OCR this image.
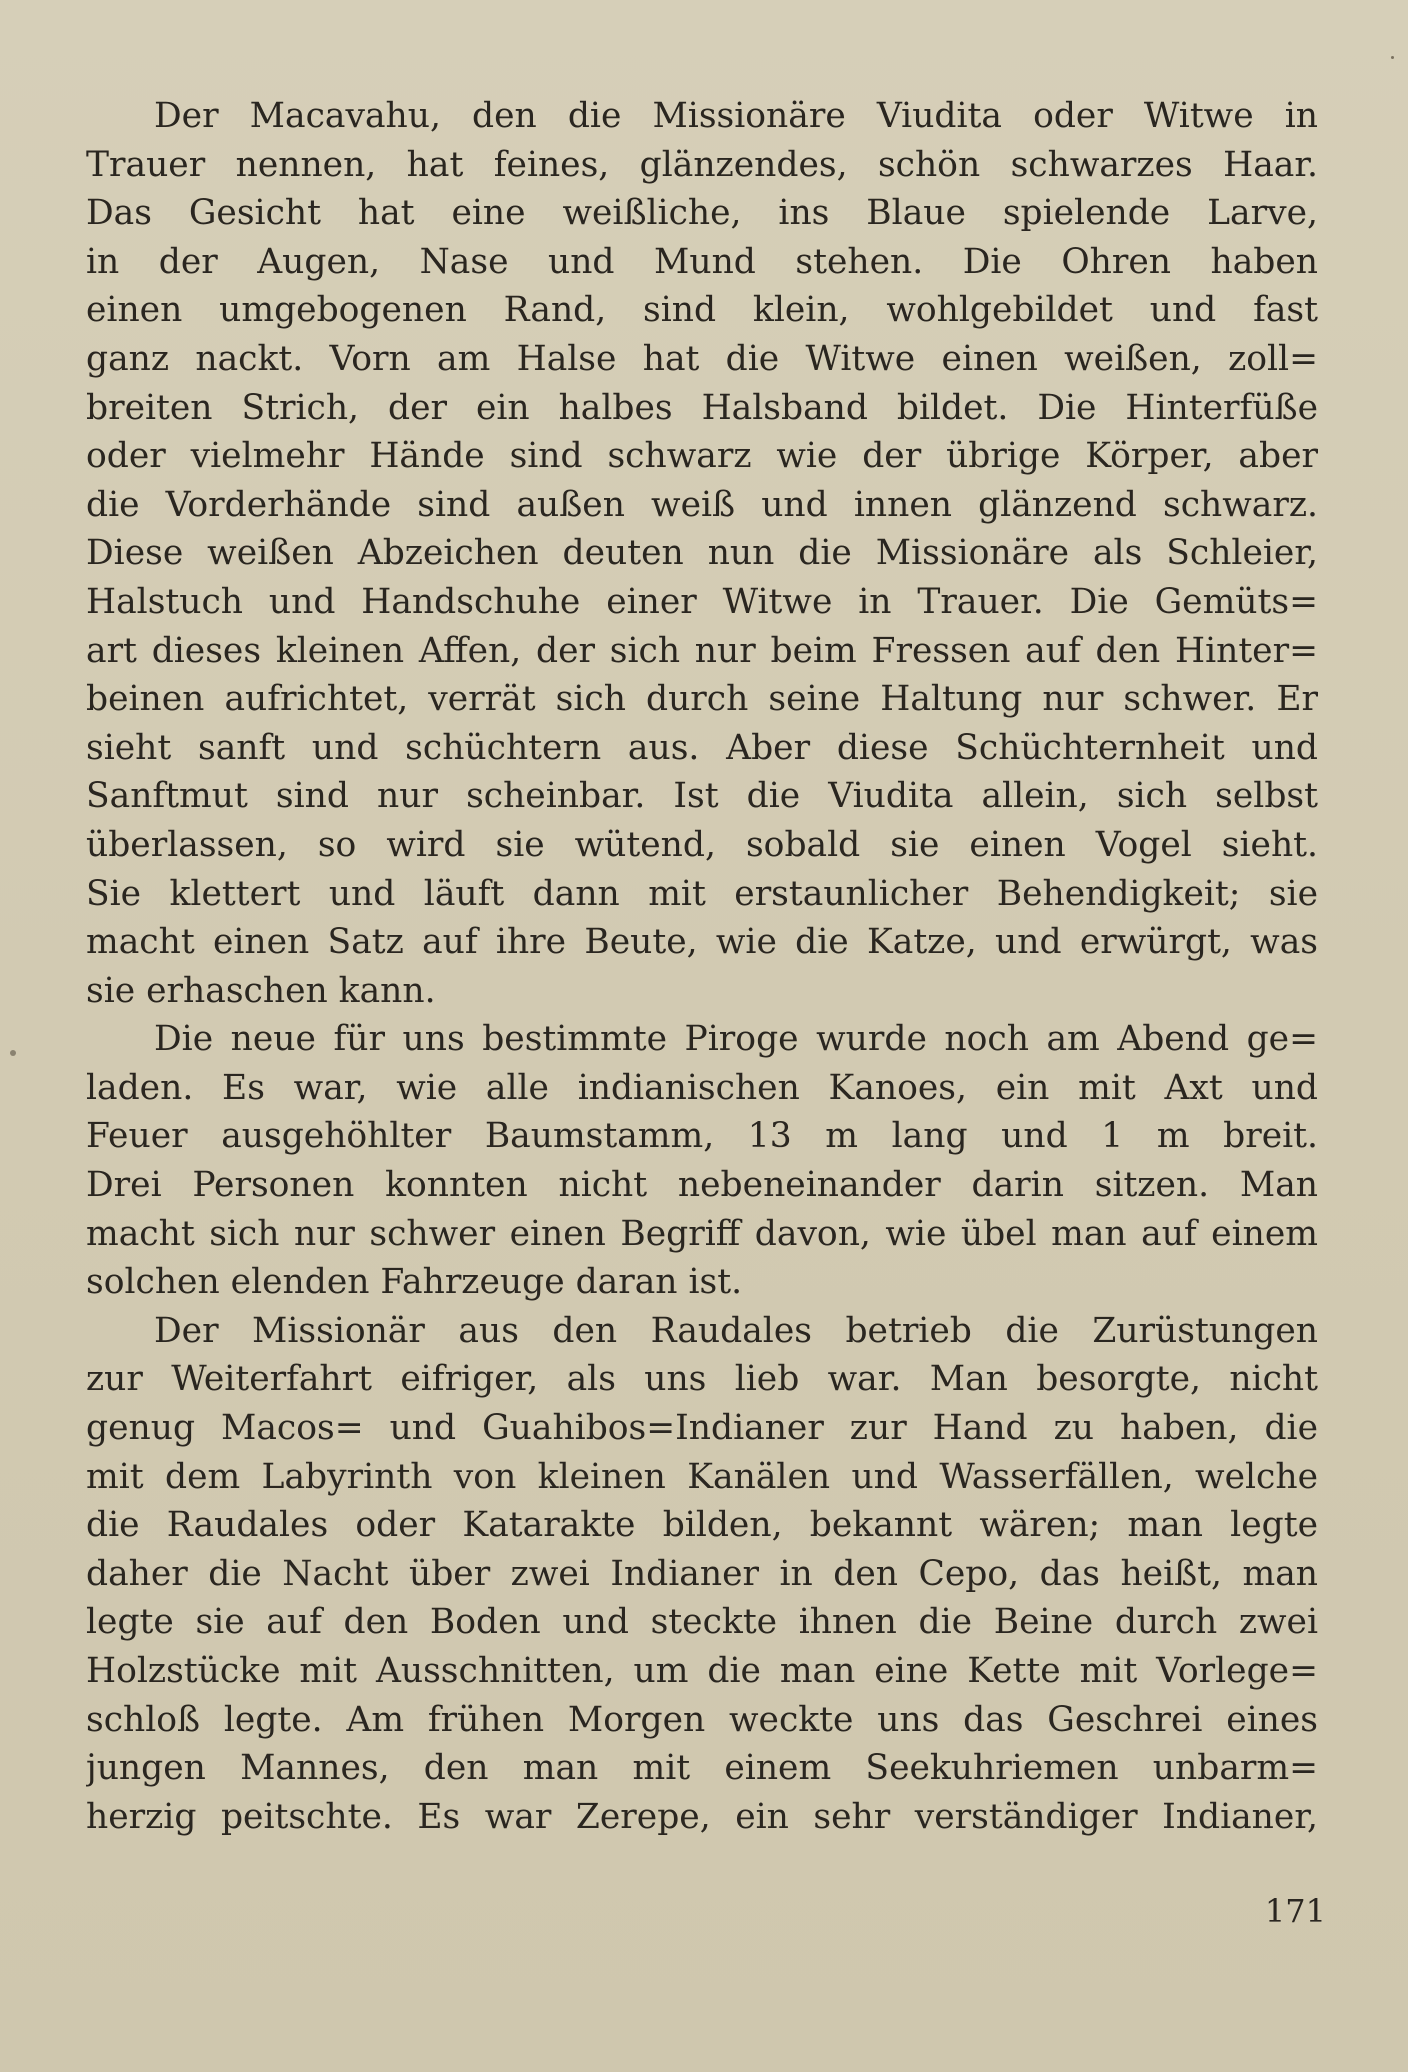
Der Macavahu, den die Missionäre Viudita oder Witwe in
Trauer nennen, hat feines, glänzendes, schön schwarzes Haar.
Das Gesicht hat eine weißliche, ins Blaue spielende Larve,
in der Augen, Nase und Mund stehen. Die Ohren haben
einen umgebogenen Rand, sind klein, wohlgebildet und fast
ganz nackt. Vorn am Halse hat die Witwe einen weißen, zoll=
breiten Strich, der ein halbes Halsband bildet. Die Hinterfüße
oder vielmehr Hände sind schwarz wie der übrige Körper, aber
die Vorderhände sind außen weiß und innen glänzend schwarz.
Diese weißen Abzeichen deuten nun die Missionäre als Schleier,
Halstuch und Handschuhe einer Witwe in Trauer. Die Gemüts=
art dieses kleinen Affen, der sich nur beim Fressen auf den Hinter=
beinen aufrichtet, verrät sich durch seine Haltung nur schwer. Er
sieht sanft und schüchtern aus. Aber diese Schüchternheit und
Sanftmut sind nur scheinbar. Ist die Viudita allein, sich selbst
überlassen, so wird sie wütend, sobald sie einen Vogel sieht.
Sie klettert und läuft dann mit erstaunlicher Behendigkeit; sie
macht einen Satz auf ihre Beute, wie die Katze, und erwürgt, was
sie erhaschen kann.
Die neue für uns bestimmte Piroge wurde noch am Abend ge=
laden. Es war, wie alle indianischen Kanoes, ein mit Axt und
Feuer ausgehöhlter Baumstamm, 13 m lang und 1 m breit.
Drei Personen konnten nicht nebeneinander darin sitzen. Man
macht sich nur schwer einen Begriff davon, wie übel man auf einem
solchen elenden Fahrzeuge daran ist.
Der Missionär aus den Raudales betrieb die Zurüstungen
zur Weiterfahrt eifriger, als uns lieb war. Man besorgte, nicht
genug Macos= und Guahibos=Indianer zur Hand zu haben, die
mit dem Labyrinth von kleinen Kanälen und Wasserfällen, welche
die Raudales oder Katarakte bilden, bekannt wären; man legte
daher die Nacht über zwei Indianer in den Cepo, das heißt, man
legte sie auf den Boden und steckte ihnen die Beine durch zwei
Holzstücke mit Ausschnitten, um die man eine Kette mit Vorlege=
schloß legte. Am frühen Morgen weckte uns das Geschrei eines
jungen Mannes, den man mit einem Seekuhriemen unbarm=
herzig peitschte. Es war Zerepe, ein sehr verständiger Indianer,
171
